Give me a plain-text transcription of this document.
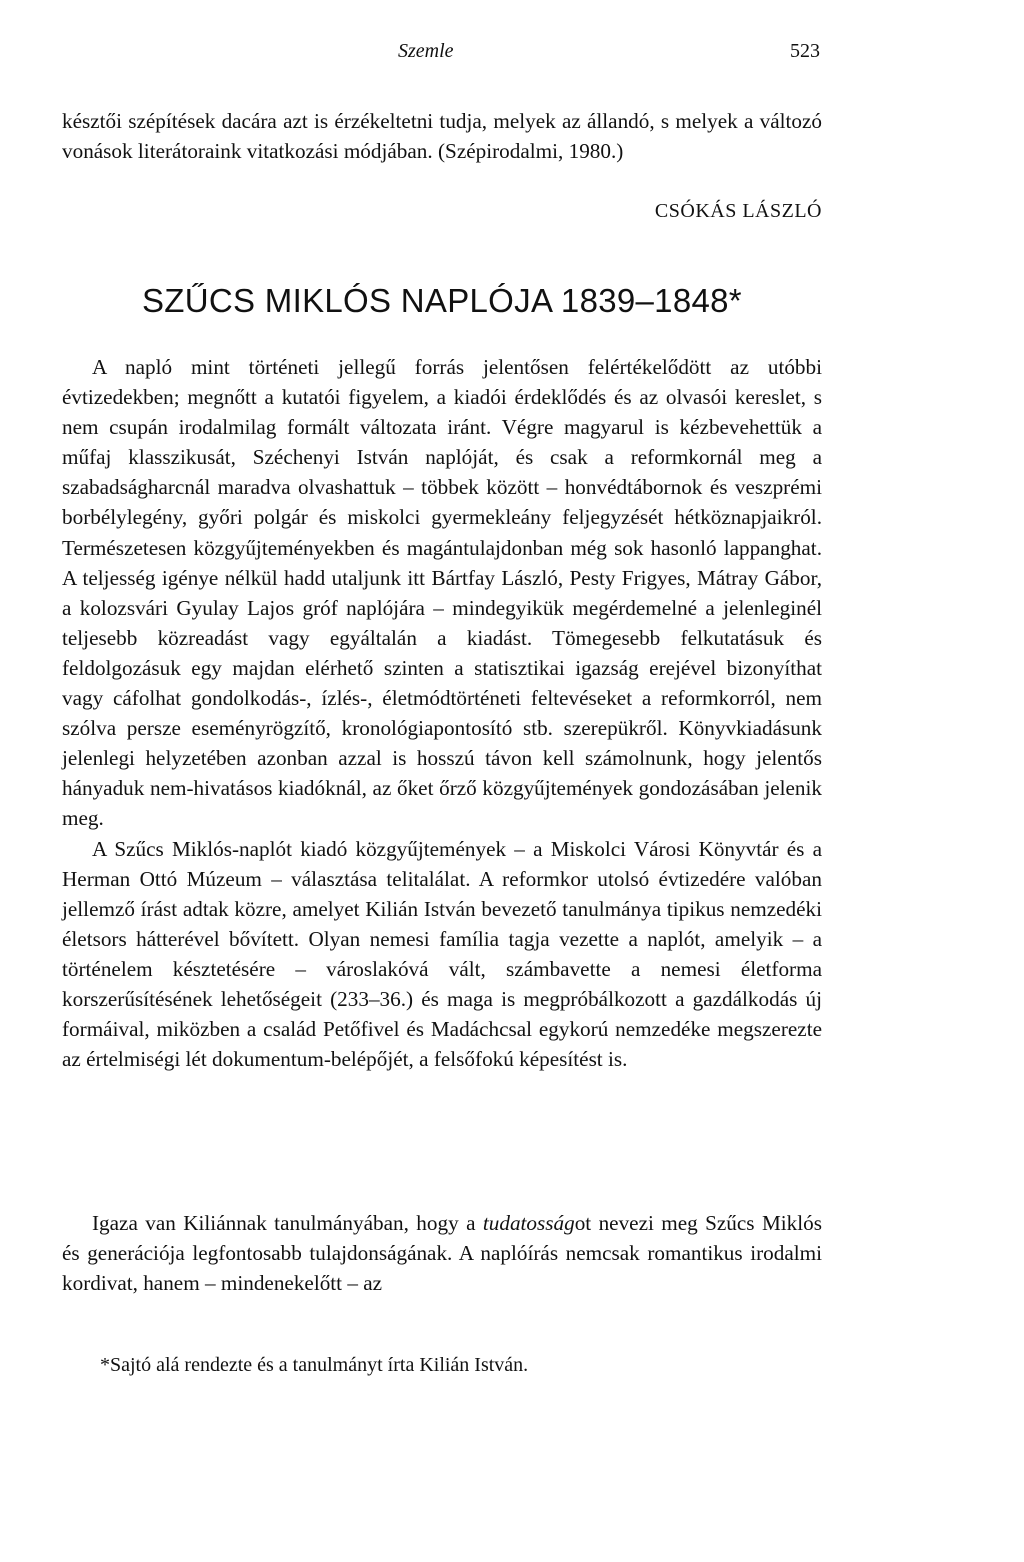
Szemle	523

késztői szépítések dacára azt is érzékeltetni tudja, melyek az állandó, s melyek a változó vonások literátoraink vitatkozási módjában. (Szépirodalmi, 1980.)

CSÓKÁS LÁSZLÓ
SZŰCS MIKLÓS NAPLÓJA 1839–1848*

A napló mint történeti jellegű forrás jelentősen felértékelődött az utóbbi évtizedekben; megnőtt a kutatói figyelem, a kiadói érdeklődés és az olvasói kereslet, s nem csupán irodalmilag formált változata iránt. Végre magyarul is kézbevehettük a műfaj klasszikusát, Széchenyi István naplóját, és csak a reformkornál meg a szabadságharcnál maradva olvashattuk – többek között – honvédtábornok és veszprémi borbélylegény, győri polgár és miskolci gyermekleány feljegyzését hétköznapjaikról. Természetesen közgyűjteményekben és magántulajdonban még sok hasonló lappanghat. A teljesség igénye nélkül hadd utaljunk itt Bártfay László, Pesty Frigyes, Mátray Gábor, a kolozsvári Gyulay Lajos gróf naplójára – mindegyikük megérdemelné a jelenleginél teljesebb közreadást vagy egyáltalán a kiadást. Tömegesebb felkutatásuk és feldolgozásuk egy majdan elérhető szinten a statisztikai igazság erejével bizonyíthat vagy cáfolhat gondolkodás-, ízlés-, életmódtörténeti feltevéseket a reformkorról, nem szólva persze eseményrögzítő, kronológiapontosító stb. szerepükről. Könyvkiadásunk jelenlegi helyzetében azonban azzal is hosszú távon kell számolnunk, hogy jelentős hányaduk nem-hivatásos kiadóknál, az őket őrző közgyűjtemények gondozásában jelenik meg.

A Szűcs Miklós-naplót kiadó közgyűjtemények – a Miskolci Városi Könyvtár és a Herman Ottó Múzeum – választása telitalálat. A reformkor utolsó évtizedére valóban jellemző írást adtak közre, amelyet Kilián István bevezető tanulmánya tipikus nemzedéki életsors hátterével bővített. Olyan nemesi família tagja vezette a naplót, amelyik – a történelem késztetésére – városlakóvá vált, számbavette a nemesi életforma korszerűsítésének lehetőségeit (233–36.) és maga is megpróbálkozott a gazdálkodás új formáival, miközben a család Petőfivel és Madáchcsal egykorú nemzedéke megszerezte az értelmiségi lét dokumentum-belépőjét, a felsőfokú képesítést is.

Igaza van Kiliánnak tanulmányában, hogy a tudatosságot nevezi meg Szűcs Miklós és generációja legfontosabb tulajdonságának. A naplóírás nemcsak romantikus irodalmi kordivat, hanem – mindenekelőtt – az

*Sajtó alá rendezte és a tanulmányt írta Kilián István.
